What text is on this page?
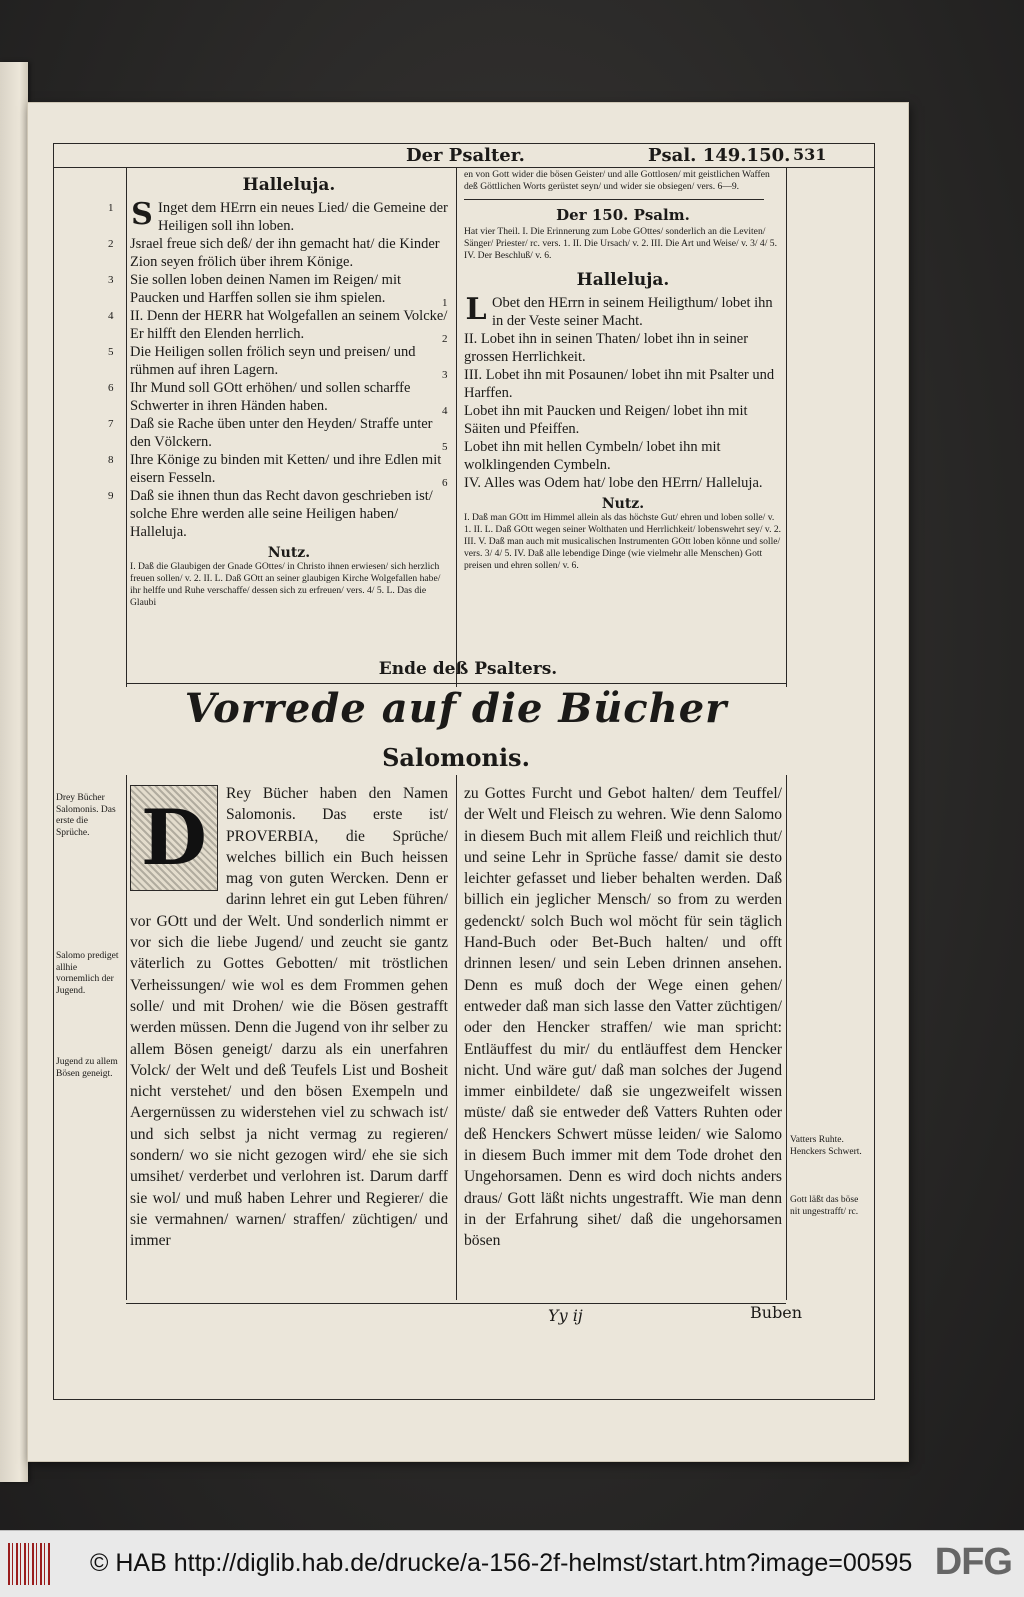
Der Psalter.	Psal. 149.150. 531
Halleluja.
1 S Inget dem HErrn ein neues Lied/ die Gemeine der Heiligen soll ihn loben.
2 Jsrael freue sich deß/ der ihn gemacht hat/ die Kinder Zion seyen frölich über ihrem Könige.
3 Sie sollen loben deinen Namen im Reigen/ mit Paucken und Harffen sollen sie ihm spielen.
4 II. Denn der HERR hat Wolgefallen an seinem Volcke/ Er hilfft den Elenden herrlich.
5 Die Heiligen sollen frölich seyn und preisen/ und rühmen auf ihren Lagern.
6 Ihr Mund soll GOtt erhöhen/ und sollen scharffe Schwerter in ihren Händen haben.
7 Daß sie Rache üben unter den Heyden/ Straffe unter den Völckern.
8 Ihre Könige zu binden mit Ketten/ und ihre Edlen mit eisern Fesseln.
9 Daß sie ihnen thun das Recht davon geschrieben ist/ solche Ehre werden alle seine Heiligen haben/ Halleluja.
Nutz.
I. Daß die Glaubigen der Gnade GOttes/ in Christo ihnen erwiesen/ sich herzlich freuen sollen/ v. 2. II. L. Daß GOtt an seiner glaubigen Kirche Wolgefallen habe/ ihr helffe und Ruhe verschaffe/ dessen sich zu erfreuen/ vers. 4/ 5. L. Das die Glaubi
en von Gott wider die bösen Geister/ und alle Gottlosen/ mit geistlichen Waffen deß Göttlichen Worts gerüstet seyn/ und wider sie obsiegen/ vers. 6—9.
Der 150. Psalm.
Hat vier Theil. I. Die Erinnerung zum Lobe GOttes/ sonderlich an die Leviten/ Sänger/ Priester/ rc. vers. 1. II. Die Ursach/ v. 2. III. Die Art und Weise/ v. 3/ 4/ 5. IV. Der Beschluß/ v. 6.
Halleluja.
1 L Obet den HErrn in seinem Heiligthum/ lobet ihn in der Veste seiner Macht.
2 II. Lobet ihn in seinen Thaten/ lobet ihn in seiner grossen Herrlichkeit.
3 III. Lobet ihn mit Posaunen/ lobet ihn mit Psalter und Harffen.
4 Lobet ihn mit Paucken und Reigen/ lobet ihn mit Säiten und Pfeiffen.
5 Lobet ihn mit hellen Cymbeln/ lobet ihn mit wolklingenden Cymbeln.
6 IV. Alles was Odem hat/ lobe den HErrn/ Halleluja.
Nutz.
I. Daß man GOtt im Himmel allein als das höchste Gut/ ehren und loben solle/ v. 1. II. L. Daß GOtt wegen seiner Wolthaten und Herrlichkeit/ lobenswehrt sey/ v. 2. III. V. Daß man auch mit musicalischen Instrumenten GOtt loben könne und solle/ vers. 3/ 4/ 5. IV. Daß alle lebendige Dinge (wie vielmehr alle Menschen) Gott preisen und ehren sollen/ v. 6.
Ende deß Psalters.
Vorrede auf die Bücher
Salomonis.
D	Rey Bücher haben den Namen Salomonis. Das erste ist/ PROVERBIA, die Sprüche/ welches billich ein Buch heissen mag von guten Wercken. Denn er darinn lehret ein gut Leben führen/ vor GOtt und der Welt. Und sonderlich nimmt er vor sich die liebe Jugend/ und zeucht sie gantz väterlich zu Gottes Gebotten/ mit tröstlichen Verheissungen/ wie wol es dem Frommen gehen solle/ und mit Drohen/ wie die Bösen gestrafft werden müssen. Denn die Jugend von ihr selber zu allem Bösen geneigt/ darzu als ein unerfahren Volck/ der Welt und deß Teufels List und Bosheit nicht verstehet/ und den bösen Exempeln und Aergernüssen zu widerstehen viel zu schwach ist/ und sich selbst ja nicht vermag zu regieren/ sondern/ wo sie nicht gezogen wird/ ehe sie sich umsihet/ verderbet und verlohren ist. Darum darff sie wol/ und muß haben Lehrer und Regierer/ die sie vermahnen/ warnen/ straffen/ züchtigen/ und immer
zu Gottes Furcht und Gebot halten/ dem Teuffel/ der Welt und Fleisch zu wehren. Wie denn Salomo in diesem Buch mit allem Fleiß und reichlich thut/ und seine Lehr in Sprüche fasse/ damit sie desto leichter gefasset und lieber behalten werden. Daß billich ein jeglicher Mensch/ so from zu werden gedenckt/ solch Buch wol möcht für sein täglich Hand-Buch oder Bet-Buch halten/ und offt drinnen lesen/ und sein Leben drinnen ansehen. Denn es muß doch der Wege einen gehen/ entweder daß man sich lasse den Vatter züchtigen/ oder den Hencker straffen/ wie man spricht: Entläuffest du mir/ du entläuffest dem Hencker nicht. Und wäre gut/ daß man solches der Jugend immer einbildete/ daß sie ungezweifelt wissen müste/ daß sie entweder deß Vatters Ruhten oder deß Henckers Schwert müsse leiden/ wie Salomo in diesem Buch immer mit dem Tode drohet den Ungehorsamen. Denn es wird doch nichts anders draus/ Gott läßt nichts ungestrafft. Wie man denn in der Erfahrung sihet/ daß die ungehorsamen bösen
Drey Bücher Salomonis. Das erste die Sprüche.
Salomo prediget allhie vornemlich der Jugend.
Jugend zu allem Bösen geneigt.
Vatters Ruhte. Henckers Schwert.
Gott läßt das böse nit ungestrafft/ rc.
Yy ij	Buben
© HAB http://diglib.hab.de/drucke/a-156-2f-helmst/start.htm?image=00595 DFG
